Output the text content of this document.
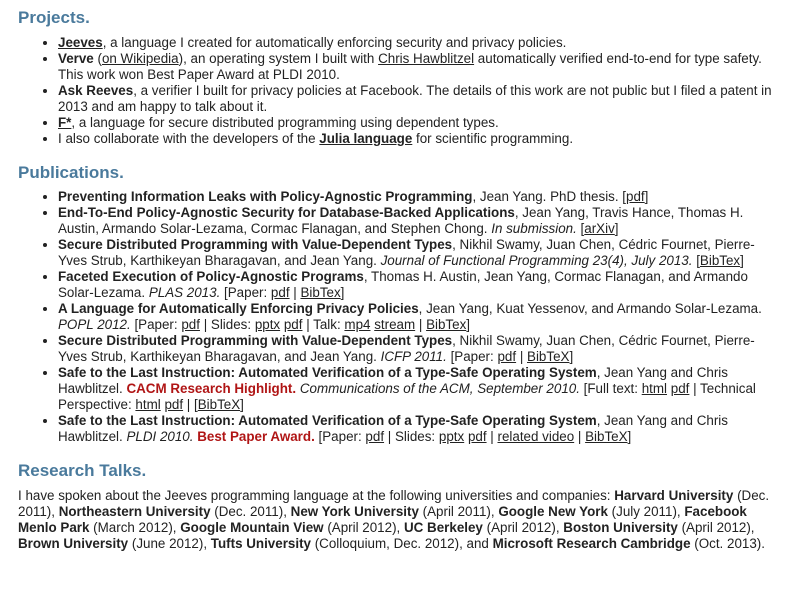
Projects.
• Jeeves, a language I created for automatically enforcing security and privacy policies.
• Verve (on Wikipedia), an operating system I built with Chris Hawblitzel automatically verified end-to-end for type safety. This work won Best Paper Award at PLDI 2010.
• Ask Reeves, a verifier I built for privacy policies at Facebook. The details of this work are not public but I filed a patent in 2013 and am happy to talk about it.
• F*, a language for secure distributed programming using dependent types.
• I also collaborate with the developers of the Julia language for scientific programming.
Publications.
• Preventing Information Leaks with Policy-Agnostic Programming, Jean Yang. PhD thesis. [pdf]
• End-To-End Policy-Agnostic Security for Database-Backed Applications, Jean Yang, Travis Hance, Thomas H. Austin, Armando Solar-Lezama, Cormac Flanagan, and Stephen Chong. In submission. [arXiv]
• Secure Distributed Programming with Value-Dependent Types, Nikhil Swamy, Juan Chen, Cédric Fournet, Pierre-Yves Strub, Karthikeyan Bharagavan, and Jean Yang. Journal of Functional Programming 23(4), July 2013. [BibTex]
• Faceted Execution of Policy-Agnostic Programs, Thomas H. Austin, Jean Yang, Cormac Flanagan, and Armando Solar-Lezama. PLAS 2013. [Paper: pdf | BibTex]
• A Language for Automatically Enforcing Privacy Policies, Jean Yang, Kuat Yessenov, and Armando Solar-Lezama. POPL 2012. [Paper: pdf | Slides: pptx pdf | Talk: mp4 stream | BibTex]
• Secure Distributed Programming with Value-Dependent Types, Nikhil Swamy, Juan Chen, Cédric Fournet, Pierre-Yves Strub, Karthikeyan Bharagavan, and Jean Yang. ICFP 2011. [Paper: pdf | BibTeX]
• Safe to the Last Instruction: Automated Verification of a Type-Safe Operating System, Jean Yang and Chris Hawblitzel. CACM Research Highlight. Communications of the ACM, September 2010. [Full text: html pdf | Technical Perspective: html pdf | [BibTeX]
• Safe to the Last Instruction: Automated Verification of a Type-Safe Operating System, Jean Yang and Chris Hawblitzel. PLDI 2010. Best Paper Award. [Paper: pdf | Slides: pptx pdf | related video | BibTeX]
Research Talks.

I have spoken about the Jeeves programming language at the following universities and companies: Harvard University (Dec. 2011), Northeastern University (Dec. 2011), New York University (April 2011), Google New York (July 2011), Facebook Menlo Park (March 2012), Google Mountain View (April 2012), UC Berkeley (April 2012), Boston University (April 2012), Brown University (June 2012), Tufts University (Colloquium, Dec. 2012), and Microsoft Research Cambridge (Oct. 2013).
